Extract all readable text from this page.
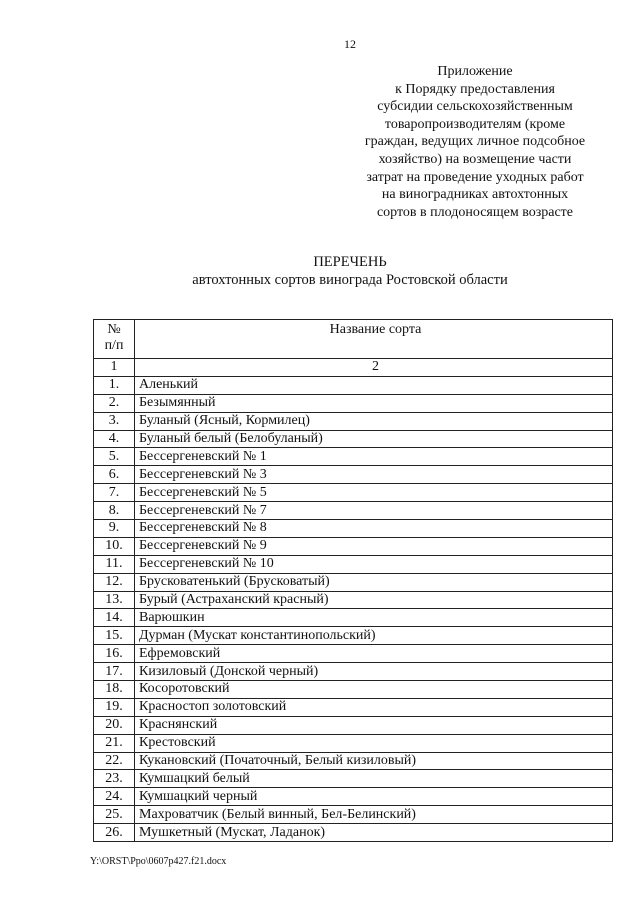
12
Приложение
к Порядку предоставления
субсидии сельскохозяйственным
товаропроизводителям (кроме
граждан, ведущих личное подсобное
хозяйство) на возмещение части
затрат на проведение уходных работ
на виноградниках автохтонных
сортов в плодоносящем возрасте
ПЕРЕЧЕНЬ
автохтонных сортов винограда Ростовской области
№
п/п	Название сорта
1	2
1.	Аленький
2.	Безымянный
3.	Буланый (Ясный, Кормилец)
4.	Буланый белый (Белобуланый)
5.	Бессергеневский № 1
6.	Бессергеневский № 3
7.	Бессергеневский № 5
8.	Бессергеневский № 7
9.	Бессергеневский № 8
10.	Бессергеневский № 9
11.	Бессергеневский № 10
12.	Брусковатенький (Брусковатый)
13.	Бурый (Астраханский красный)
14.	Варюшкин
15.	Дурман (Мускат константинопольский)
16.	Ефремовский
17.	Кизиловый (Донской черный)
18.	Косоротовский
19.	Красностоп золотовский
20.	Краснянский
21.	Крестовский
22.	Кукановский (Початочный, Белый кизиловый)
23.	Кумшацкий белый
24.	Кумшацкий черный
25.	Махроватчик (Белый винный, Бел-Белинский)
26.	Мушкетный (Мускат, Ладанок)
Y:\ORST\Ppo\0607p427.f21.docx
